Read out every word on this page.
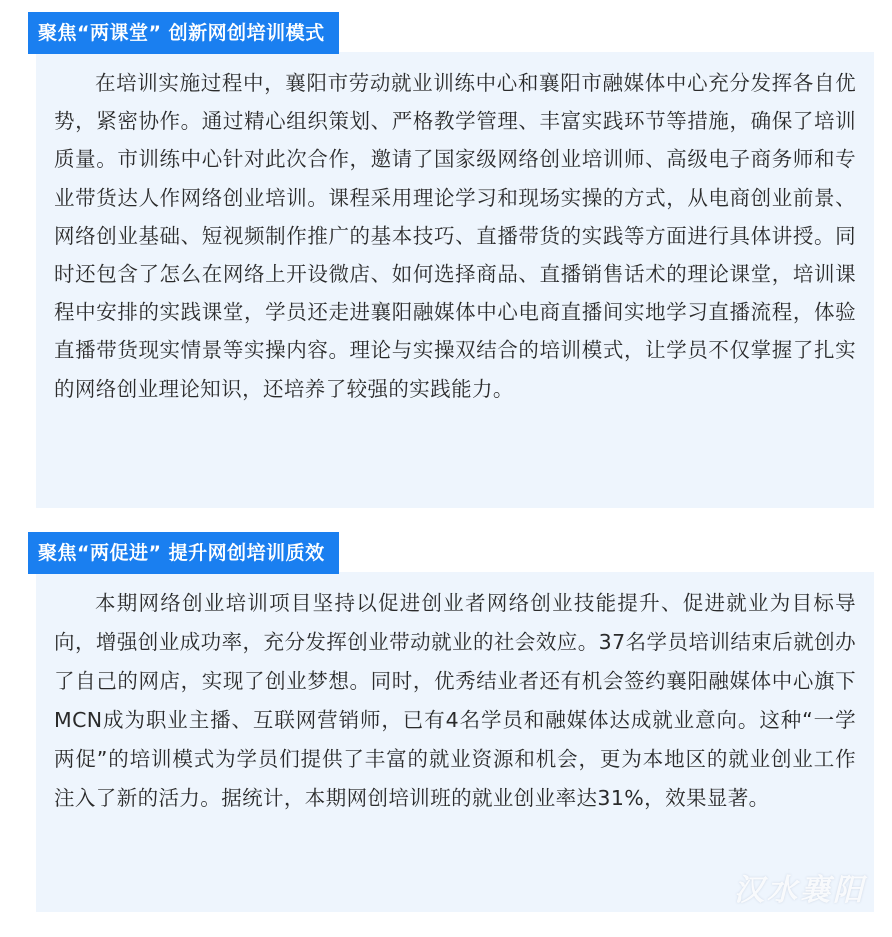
聚焦“两课堂” 创新网创培训模式

在培训实施过程中，襄阳市劳动就业训练中心和襄阳市融媒体中心充分发挥各自优势，紧密协作。通过精心组织策划、严格教学管理、丰富实践环节等措施，确保了培训质量。市训练中心针对此次合作，邀请了国家级网络创业培训师、高级电子商务师和专业带货达人作网络创业培训。课程采用理论学习和现场实操的方式，从电商创业前景、网络创业基础、短视频制作推广的基本技巧、直播带货的实践等方面进行具体讲授。同时还包含了怎么在网络上开设微店、如何选择商品、直播销售话术的理论课堂，培训课程中安排的实践课堂，学员还走进襄阳融媒体中心电商直播间实地学习直播流程，体验直播带货现实情景等实操内容。理论与实操双结合的培训模式，让学员不仅掌握了扎实的网络创业理论知识，还培养了较强的实践能力。

聚焦“两促进” 提升网创培训质效

本期网络创业培训项目坚持以促进创业者网络创业技能提升、促进就业为目标导向，增强创业成功率，充分发挥创业带动就业的社会效应。37名学员培训结束后就创办了自己的网店，实现了创业梦想。同时，优秀结业者还有机会签约襄阳融媒体中心旗下MCN成为职业主播、互联网营销师，已有4名学员和融媒体达成就业意向。这种“一学两促”的培训模式为学员们提供了丰富的就业资源和机会，更为本地区的就业创业工作注入了新的活力。据统计，本期网创培训班的就业创业率达31%，效果显著。

汉水襄阳
